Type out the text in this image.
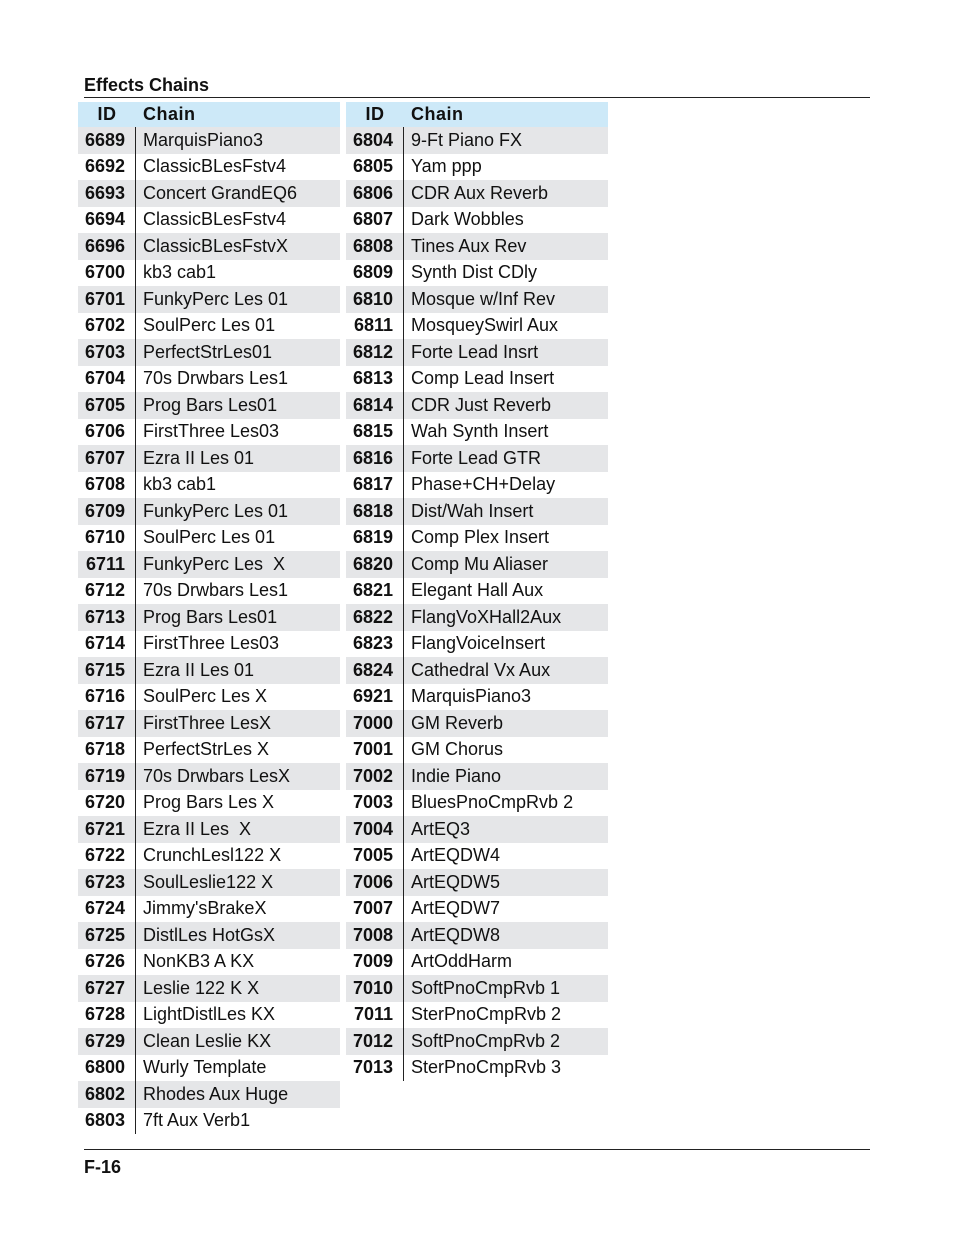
Effects Chains
ID	Chain
6689	MarquisPiano3
6692	ClassicBLesFstv4
6693	Concert GrandEQ6
6694	ClassicBLesFstv4
6696	ClassicBLesFstvX
6700	kb3 cab1
6701	FunkyPerc Les 01
6702	SoulPerc Les 01
6703	PerfectStrLes01
6704	70s Drwbars Les1
6705	Prog Bars Les01
6706	FirstThree Les03
6707	Ezra II Les 01
6708	kb3 cab1
6709	FunkyPerc Les 01
6710	SoulPerc Les 01
6711	FunkyPerc Les  X
6712	70s Drwbars Les1
6713	Prog Bars Les01
6714	FirstThree Les03
6715	Ezra II Les 01
6716	SoulPerc Les X
6717	FirstThree LesX
6718	PerfectStrLes X
6719	70s Drwbars LesX
6720	Prog Bars Les X
6721	Ezra II Les  X
6722	CrunchLesl122 X
6723	SoulLeslie122 X
6724	Jimmy'sBrakeX
6725	DistlLes HotGsX
6726	NonKB3 A KX
6727	Leslie 122 K X
6728	LightDistlLes KX
6729	Clean Leslie KX
6800	Wurly Template
6802	Rhodes Aux Huge
6803	7ft Aux Verb1
ID	Chain
6804	9-Ft Piano FX
6805	Yam ppp
6806	CDR Aux Reverb
6807	Dark Wobbles
6808	Tines Aux Rev
6809	Synth Dist CDly
6810	Mosque w/Inf Rev
6811	MosqueySwirl Aux
6812	Forte Lead Insrt
6813	Comp Lead Insert
6814	CDR Just Reverb
6815	Wah Synth Insert
6816	Forte Lead GTR
6817	Phase+CH+Delay
6818	Dist/Wah Insert
6819	Comp Plex Insert
6820	Comp Mu Aliaser
6821	Elegant Hall Aux
6822	FlangVoXHall2Aux
6823	FlangVoiceInsert
6824	Cathedral Vx Aux
6921	MarquisPiano3
7000	GM Reverb
7001	GM Chorus
7002	Indie Piano
7003	BluesPnoCmpRvb 2
7004	ArtEQ3
7005	ArtEQDW4
7006	ArtEQDW5
7007	ArtEQDW7
7008	ArtEQDW8
7009	ArtOddHarm
7010	SoftPnoCmpRvb 1
7011	SterPnoCmpRvb 2
7012	SoftPnoCmpRvb 2
7013	SterPnoCmpRvb 3
F-16
